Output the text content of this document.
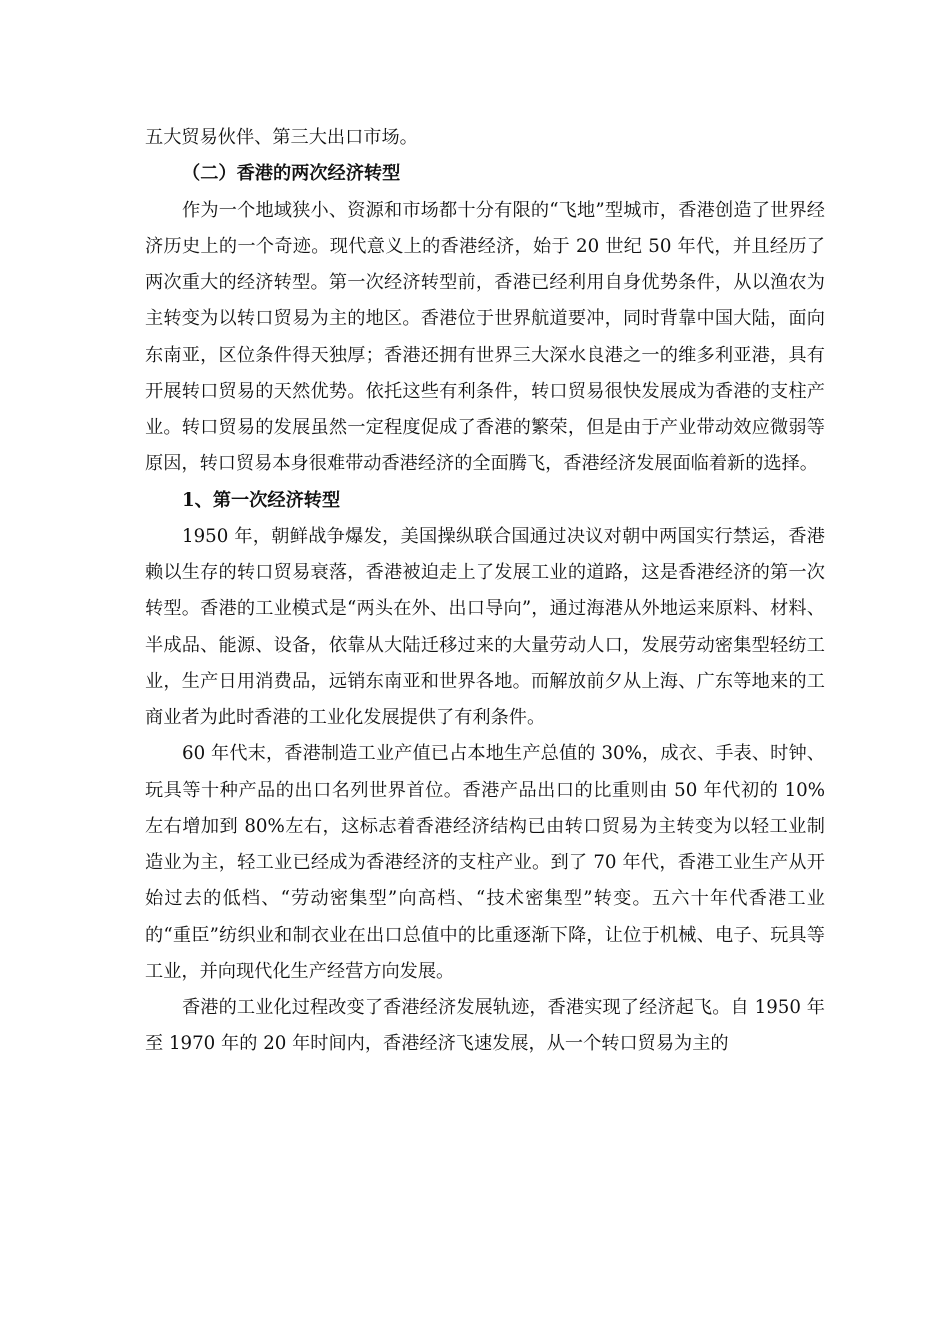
五大贸易伙伴、第三大出口市场。

（二）香港的两次经济转型

作为一个地域狭小、资源和市场都十分有限的“飞地”型城市，香港创造了世界经济历史上的一个奇迹。现代意义上的香港经济，始于 20 世纪 50 年代，并且经历了两次重大的经济转型。第一次经济转型前，香港已经利用自身优势条件，从以渔农为主转变为以转口贸易为主的地区。香港位于世界航道要冲，同时背靠中国大陆，面向东南亚，区位条件得天独厚；香港还拥有世界三大深水良港之一的维多利亚港，具有开展转口贸易的天然优势。依托这些有利条件，转口贸易很快发展成为香港的支柱产业。转口贸易的发展虽然一定程度促成了香港的繁荣，但是由于产业带动效应微弱等原因，转口贸易本身很难带动香港经济的全面腾飞，香港经济发展面临着新的选择。

1、第一次经济转型

1950 年，朝鲜战争爆发，美国操纵联合国通过决议对朝中两国实行禁运，香港赖以生存的转口贸易衰落，香港被迫走上了发展工业的道路，这是香港经济的第一次转型。香港的工业模式是“两头在外、出口导向”，通过海港从外地运来原料、材料、半成品、能源、设备，依靠从大陆迁移过来的大量劳动人口，发展劳动密集型轻纺工业，生产日用消费品，远销东南亚和世界各地。而解放前夕从上海、广东等地来的工商业者为此时香港的工业化发展提供了有利条件。

60 年代末，香港制造工业产值已占本地生产总值的 30%，成衣、手表、时钟、玩具等十种产品的出口名列世界首位。香港产品出口的比重则由 50 年代初的 10%左右增加到 80%左右，这标志着香港经济结构已由转口贸易为主转变为以轻工业制造业为主，轻工业已经成为香港经济的支柱产业。到了 70 年代，香港工业生产从开始过去的低档、“劳动密集型”向高档、“技术密集型”转变。五六十年代香港工业的“重臣”纺织业和制衣业在出口总值中的比重逐渐下降，让位于机械、电子、玩具等工业，并向现代化生产经营方向发展。

香港的工业化过程改变了香港经济发展轨迹，香港实现了经济起飞。自 1950 年至 1970 年的 20 年时间内，香港经济飞速发展，从一个转口贸易为主的
